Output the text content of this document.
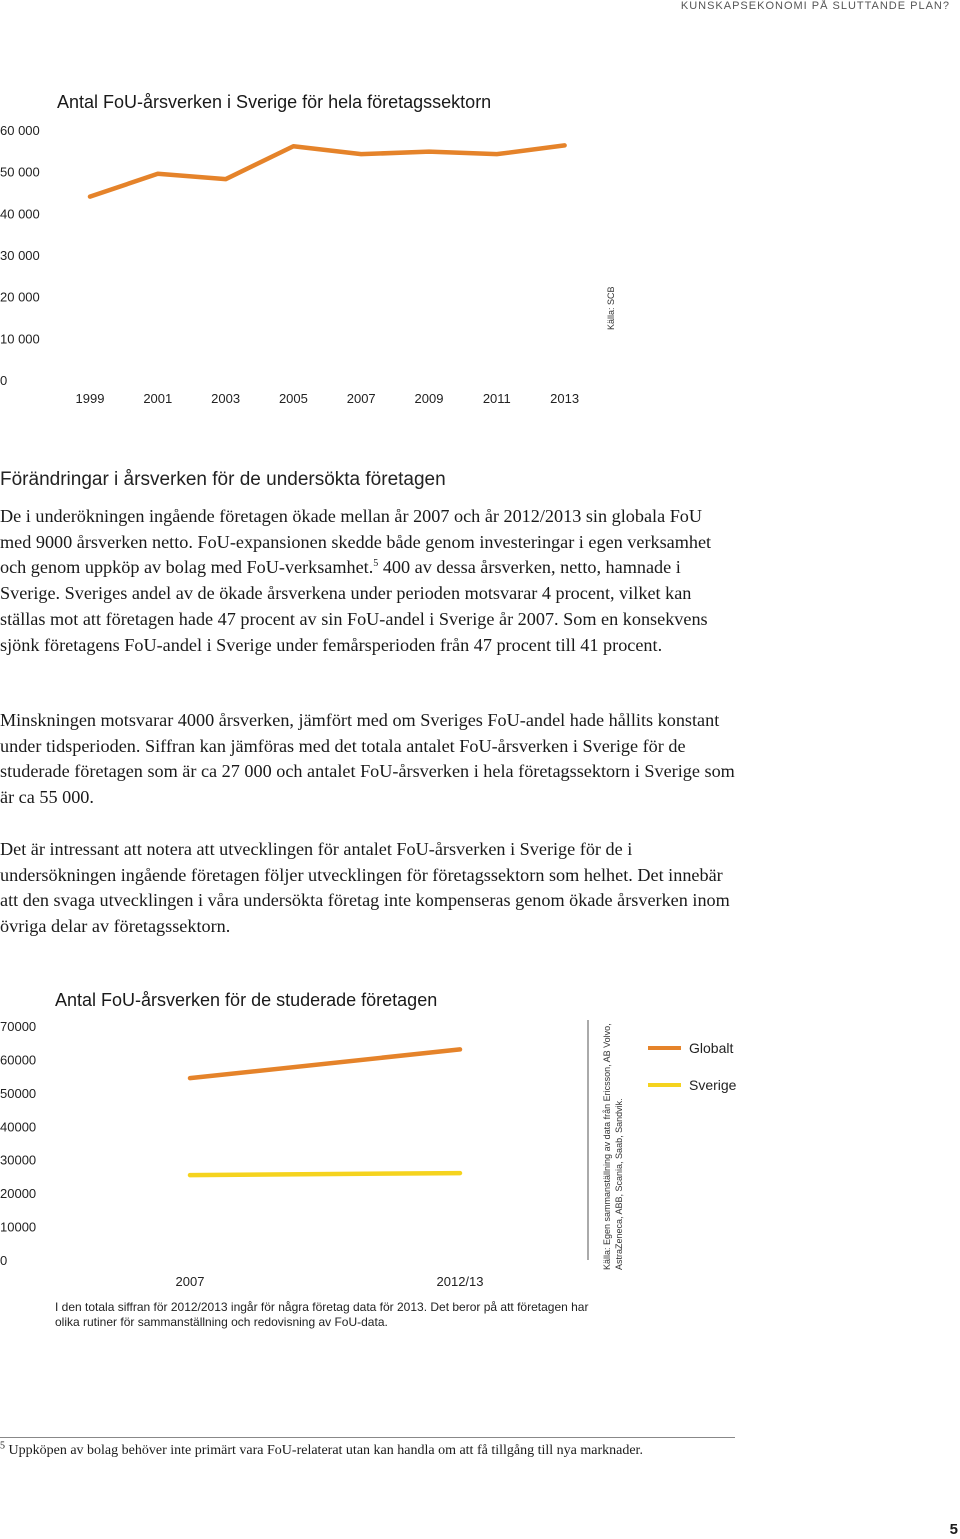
KUNSKAPSEKONOMI PÅ SLUTTANDE PLAN?
Antal FoU-årsverken i Sverige för hela företagssektorn
60 000
50 000
40 000
30 000
20 000
10 000
0
1999	2001	2003	2005	2007	2009	2011	2013
Källa: SCB
Förändringar i årsverken för de undersökta företagen
De i underökningen ingående företagen ökade mellan år 2007 och år 2012/2013 sin globala FoU med 9000 årsverken netto. FoU-expansionen skedde både genom investeringar i egen verksamhet och genom uppköp av bolag med FoU-verksamhet.$^5$ 400 av dessa årsverken, netto, hamnade i Sverige. Sveriges andel av de ökade årsverkena under perioden motsvarar 4 procent, vilket kan ställas mot att företagen hade 47 procent av sin FoU-andel i Sverige år 2007. Som en konsekvens sjönk företagens FoU-andel i Sverige under femårsperioden från 47 procent till 41 procent.
Minskningen motsvarar 4000 årsverken, jämfört med om Sveriges FoU-andel hade hållits konstant under tidsperioden. Siffran kan jämföras med det totala antalet FoU-årsverken i Sverige för de studerade företagen som är ca 27 000 och antalet FoU-årsverken i hela företagssektorn i Sverige som är ca 55 000.
Det är intressant att notera att utvecklingen för antalet FoU-årsverken i Sverige för de i undersökningen ingående företagen följer utvecklingen för företagssektorn som helhet. Det innebär att den svaga utvecklingen i våra undersökta företag inte kompenseras genom ökade årsverken inom övriga delar av företagssektorn.
Antal FoU-årsverken för de studerade företagen
70000
60000
50000
40000
30000
20000
10000
0
2007	2012/13
Källa: Egen sammanställning av data från Ericsson, AB Volvo, AstraZeneca, ABB, Scania, Saab, Sandvik.
Globalt
Sverige
I den totala siffran för 2012/2013 ingår för några företag data för 2013. Det beror på att företagen har olika rutiner för sammanställning och redovisning av FoU-data.
$^5$ Uppköpen av bolag behöver inte primärt vara FoU-relaterat utan kan handla om att få tillgång till nya marknader.
5
